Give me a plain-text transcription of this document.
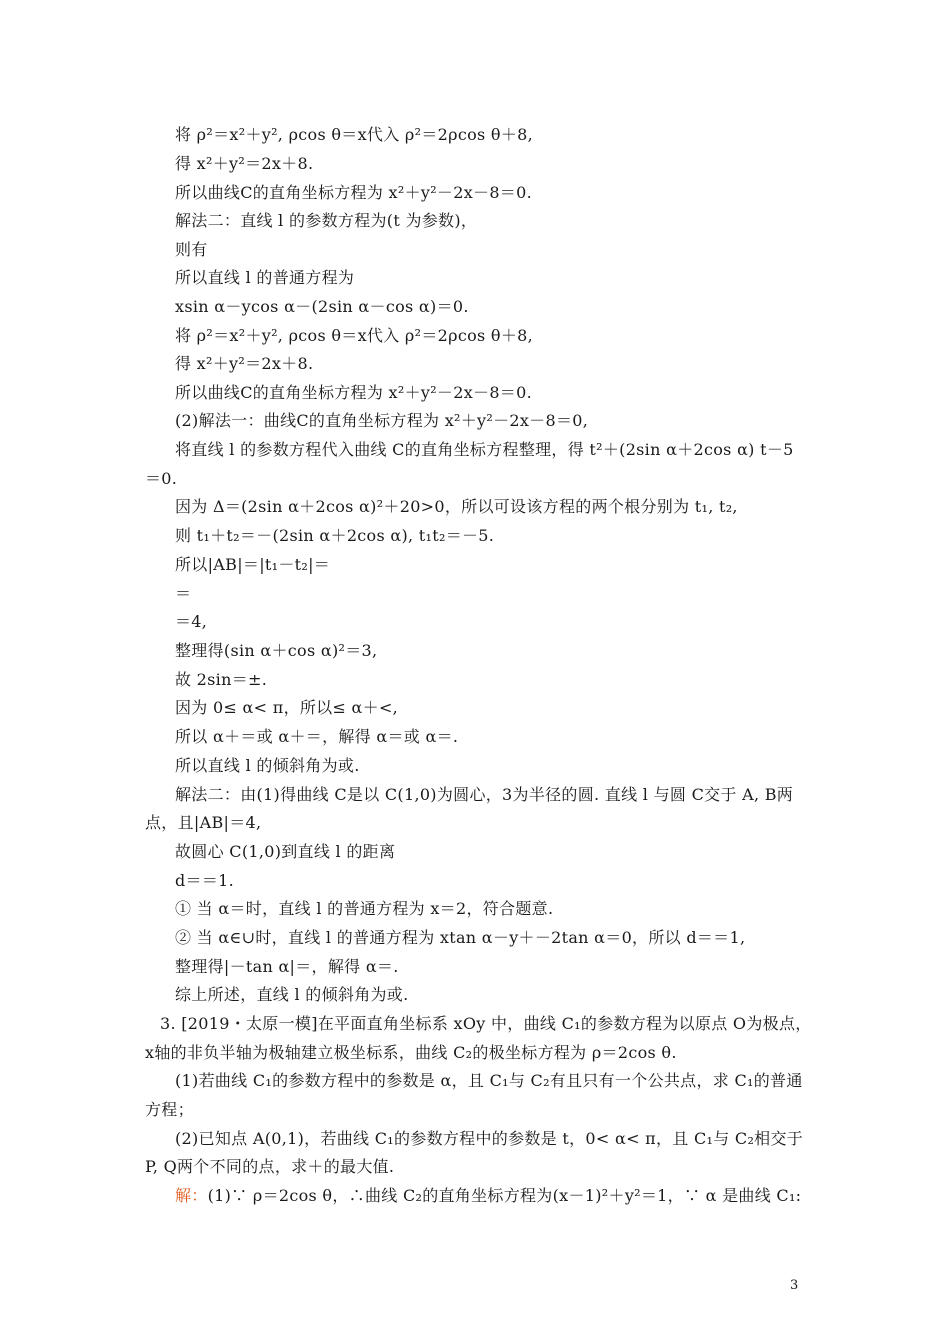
将 ρ²＝x²＋y², ρcos θ＝x代入 ρ²＝2ρcos θ＋8,
得 x²＋y²＝2x＋8.
所以曲线C的直角坐标方程为 x²＋y²－2x－8＝0.
解法二：直线 l 的参数方程为(t 为参数)，
则有
所以直线 l 的普通方程为
xsin α－ycos α－(2sin α－cos α)＝0.
将 ρ²＝x²＋y², ρcos θ＝x代入 ρ²＝2ρcos θ＋8,
得 x²＋y²＝2x＋8.
所以曲线C的直角坐标方程为 x²＋y²－2x－8＝0.
(2)解法一：曲线C的直角坐标方程为 x²＋y²－2x－8＝0,
将直线 l 的参数方程代入曲线 C的直角坐标方程整理，得 t²＋(2sin α＋2cos α) t－5
＝0.
因为 Δ＝(2sin α＋2cos α)²＋20>0，所以可设该方程的两个根分别为 t₁, t₂,
则 t₁＋t₂＝－(2sin α＋2cos α), t₁t₂＝－5.
所以|AB|＝|t₁－t₂|＝
＝
＝4,
整理得(sin α＋cos α)²＝3,
故 2sin＝±.
因为 0≤ α< π，所以≤ α＋<,
所以 α＋＝或 α＋＝，解得 α＝或 α＝.
所以直线 l 的倾斜角为或.
解法二：由(1)得曲线 C是以 C(1,0)为圆心，3为半径的圆. 直线 l 与圆 C交于 A, B两
点，且|AB|＝4,
故圆心 C(1,0)到直线 l 的距离
d＝＝1.
① 当 α＝时，直线 l 的普通方程为 x＝2，符合题意.
② 当 α∈∪时，直线 l 的普通方程为 xtan α－y＋－2tan α＝0，所以 d＝＝1,
整理得|－tan α|＝，解得 α＝.
综上所述，直线 l 的倾斜角为或.
3. [2019・太原一模]在平面直角坐标系 xOy 中，曲线 C₁的参数方程为以原点 O为极点，
x轴的非负半轴为极轴建立极坐标系，曲线 C₂的极坐标方程为 ρ＝2cos θ.
(1)若曲线 C₁的参数方程中的参数是 α，且 C₁与 C₂有且只有一个公共点，求 C₁的普通
方程；
(2)已知点 A(0,1)，若曲线 C₁的参数方程中的参数是 t，0< α< π，且 C₁与 C₂相交于
P, Q两个不同的点，求＋的最大值.
解：(1)∵ ρ＝2cos θ，∴曲线 C₂的直角坐标方程为(x－1)²＋y²＝1，∵ α 是曲线 C₁:
3
